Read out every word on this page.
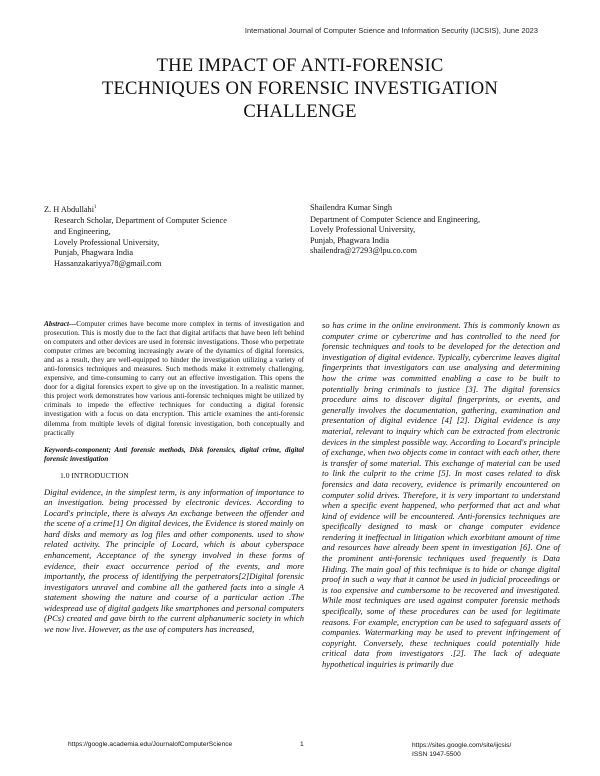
International Journal of Computer Science and Information Security (IJCSIS), June 2023
THE IMPACT OF ANTI-FORENSIC
TECHNIQUES ON FORENSIC INVESTIGATION
CHALLENGE
Z. H Abdullahi$^1$
Research Scholar, Department of Computer Science
and Engineering,
Lovely Professional University,
Punjab, Phagwara India
Hassanzakariyya78@gmail.com
Shailendra Kumar Singh
Department of Computer Science and Engineering,
Lovely Professional University,
Punjab, Phagwara India
shailendra@27293@lpu.co.com
Abstract—Computer crimes have become more complex in terms of investigation and prosecution. This is mostly due to the fact that digital artifacts that have been left behind on computers and other devices are used in forensic investigations. Those who perpetrate computer crimes are becoming increasingly aware of the dynamics of digital forensics, and as a result, they are well-equipped to hinder the investigation utilizing a variety of anti-forensics techniques and measures. Such methods make it extremely challenging, expensive, and time-consuming to carry out an effective investigation. This opens the door for a digital forensics expert to give up on the investigation. In a realistic manner, this project work demonstrates how various anti-forensic techniques might be utilized by criminals to impede the effective techniques for conducting a digital forensic investigation with a focus on data encryption. This article examines the anti-forensic dilemma from multiple levels of digital forensic investigation, both conceptually and practically
Keywords-component; Anti forensic methods, Disk forensics, digital crime, digital forensic investigation
1.0 INTRODUCTION
Digital evidence, in the simplest term, is any information of importance to an investigation. being processed by electronic devices. According to Locard's principle, there is always An exchange between the offender and the scene of a crime[1] On digital devices, the Evidence is stored mainly on hard disks and memory as log files and other components. used to show related activity. The principle of Locard, which is about cyberspace enhancement, Acceptance of the synergy involved in these forms of evidence, their exact occurrence period of the events, and more importantly, the process of identifying the perpetrators[2]Digital forensic investigators unravel and combine all the gathered facts into a single A statement showing the nature and course of a particular action .The widespread use of digital gadgets like smartphones and personal computers (PCs) created and gave birth to the current alphanumeric society in which we now live. However, as the use of computers has increased,
so has crime in the online environment. This is commonly known as computer crime or cybercrime and has controlled to the need for forensic techniques and tools to be developed for the detection and investigation of digital evidence. Typically, cybercrime leaves digital fingerprints that investigators can use analysing and determining how the crime was committed enabling a case to be built to potentially bring criminals to justice [3]. The digital forensics procedure aims to discover digital fingerprints, or events, and generally involves the documentation, gathering, examination and presentation of digital evidence [4] [2]. Digital evidence is any material, relevant to inquiry which can be extracted from electronic devices in the simplest possible way. According to Locard's principle of exchange, when two objects come in contact with each other, there is transfer of some material. This exchange of material can be used to link the culprit to the crime [5]. In most cases related to disk forensics and data recovery, evidence is primarily encountered on computer solid drives. Therefore, it is very important to understand when a specific event happened, who performed that act and what kind of evidence will be encountered. Anti-forensics techniques are specifically designed to mask or change computer evidence rendering it ineffectual in litigation which exorbitant amount of time and resources have already been spent in investigation [6]. One of the prominent anti-forensic techniques used frequently is Data Hiding. The main goal of this technique is to hide or change digital proof in such a way that it cannot be used in judicial proceedings or is too expensive and cumbersome to be recovered and investigated. While most techniques are used against computer forensic methods specifically, some of these procedures can be used for legitimate reasons. For example, encryption can be used to safeguard assets of companies. Watermarking may be used to prevent infringement of copyright. Conversely, these techniques could potentially hide critical data from investigators .[2]. The lack of adequate hypothetical inquiries is primarily due
https://google.academia.edu/JournalofComputerScience	1	https://sites.google.com/site/ijcsis/
ISSN 1947-5500
